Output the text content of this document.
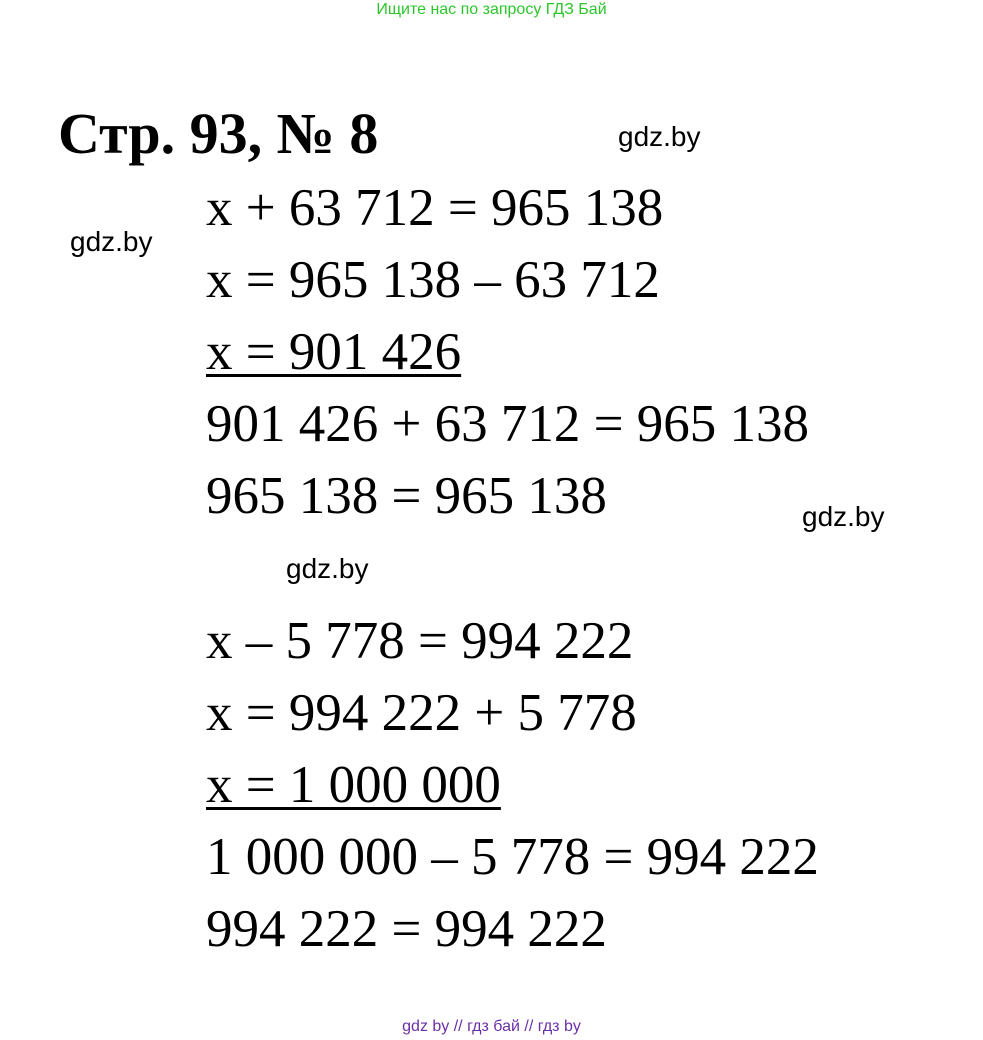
Ищите нас по запросу ГДЗ Бай
Стр. 93, № 8	gdz.by
gdz.by
gdz.by
gdz.by
x + 63 712 = 965 138
x = 965 138 – 63 712
x = 901 426
901 426 + 63 712 = 965 138
965 138 = 965 138
x – 5 778 = 994 222
x = 994 222 + 5 778
x = 1 000 000
1 000 000 – 5 778 = 994 222
994 222 = 994 222
gdz by // гдз бай // гдз by
